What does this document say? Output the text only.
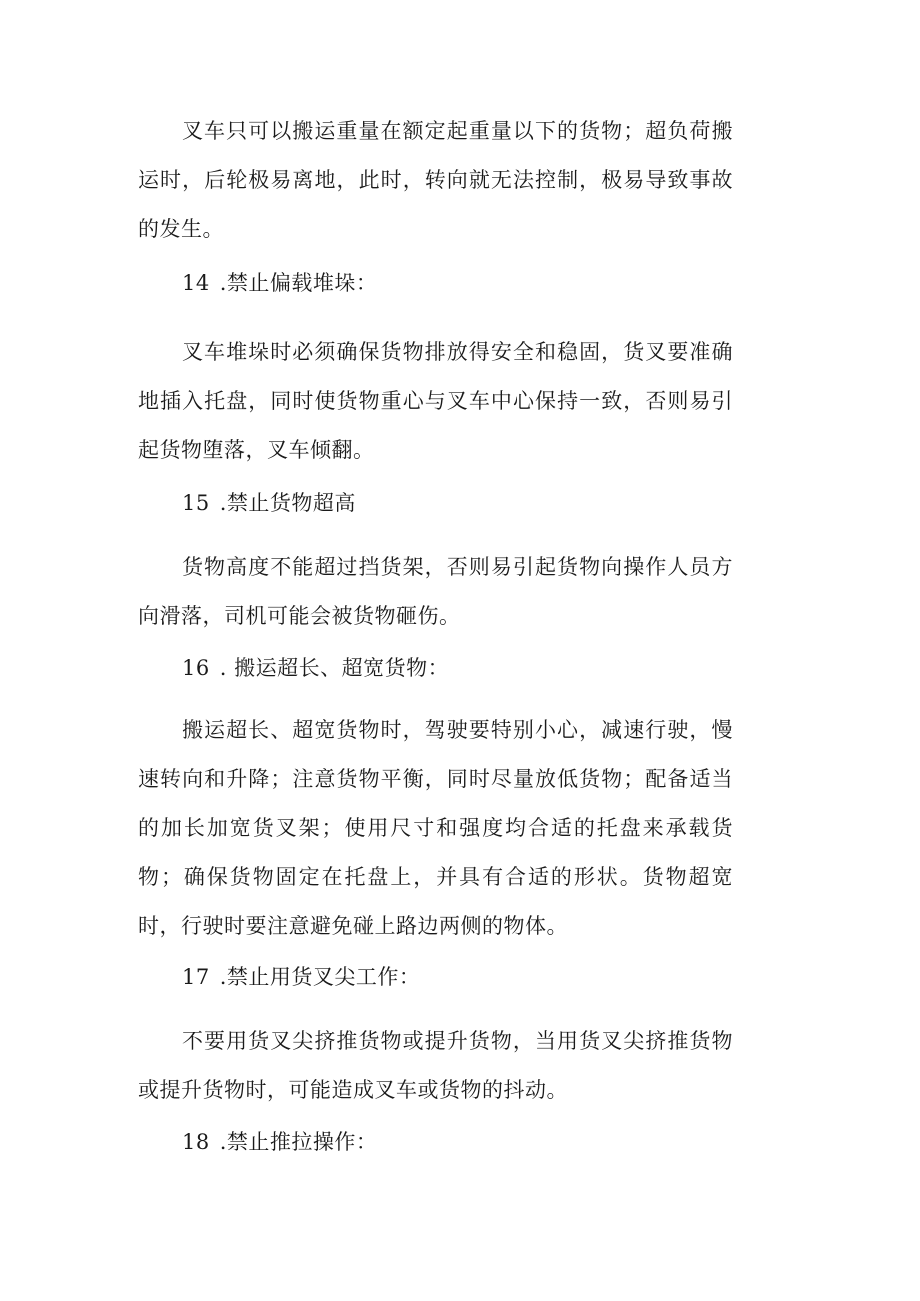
叉车只可以搬运重量在额定起重量以下的货物；超负荷搬运时，后轮极易离地，此时，转向就无法控制，极易导致事故的发生。

14 .禁止偏载堆垛：

叉车堆垛时必须确保货物排放得安全和稳固，货叉要准确地插入托盘，同时使货物重心与叉车中心保持一致，否则易引起货物堕落，叉车倾翻。

15 .禁止货物超高

货物高度不能超过挡货架，否则易引起货物向操作人员方向滑落，司机可能会被货物砸伤。

16 . 搬运超长、超宽货物：

搬运超长、超宽货物时，驾驶要特别小心，减速行驶，慢速转向和升降；注意货物平衡，同时尽量放低货物；配备适当的加长加宽货叉架；使用尺寸和强度均合适的托盘来承载货物；确保货物固定在托盘上，并具有合适的形状。货物超宽时，行驶时要注意避免碰上路边两侧的物体。

17 .禁止用货叉尖工作：

不要用货叉尖挤推货物或提升货物，当用货叉尖挤推货物或提升货物时，可能造成叉车或货物的抖动。

18 .禁止推拉操作：
